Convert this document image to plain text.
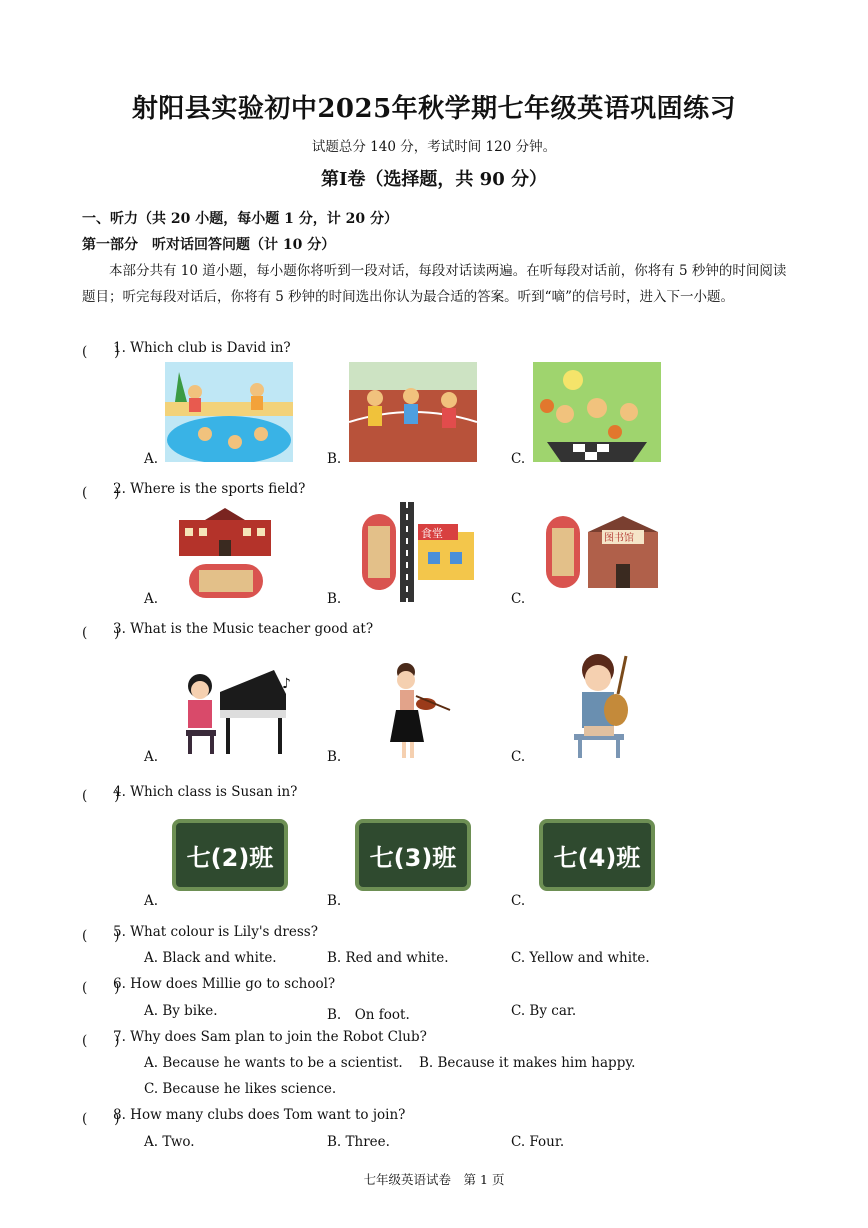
射阳县实验初中2025年秋学期七年级英语巩固练习
试题总分 140 分，考试时间 120 分钟。
第Ⅰ卷（选择题，共 90 分）
一、听力（共 20 小题，每小题 1 分，计 20 分）
第一部分　听对话回答问题（计 10 分）
本部分共有 10 道小题，每小题你将听到一段对话，每段对话读两遍。在听每段对话前，你将有 5 秒钟的时间阅读题目；听完每段对话后，你将有 5 秒钟的时间选出你认为最合适的答案。听到“嘀”的信号时，进入下一小题。
(　　)
1. Which club is David in?
A.	B.	C.
(　　)
2. Where is the sports field?
食堂	图书馆
A.	B.	C.
(　　)
3. What is the Music teacher good at?
♪
A.	B.	C.
(　　)
4. Which class is Susan in?
七(2)班	七(3)班	七(4)班
A.	B.	C.
(　　)
5. What colour is Lily's dress?
A. Black and white.	B. Red and white.	C. Yellow and white.
(　　)
6. How does Millie go to school?
A. By bike.	B.　On foot.	C. By car.
(　　)
7. Why does Sam plan to join the Robot Club?
A. Because he wants to be a scientist. B. Because it makes him happy.
C. Because he likes science.
(　　)
8. How many clubs does Tom want to join?
A. Two.	B. Three.	C. Four.
七年级英语试卷　第 1 页
